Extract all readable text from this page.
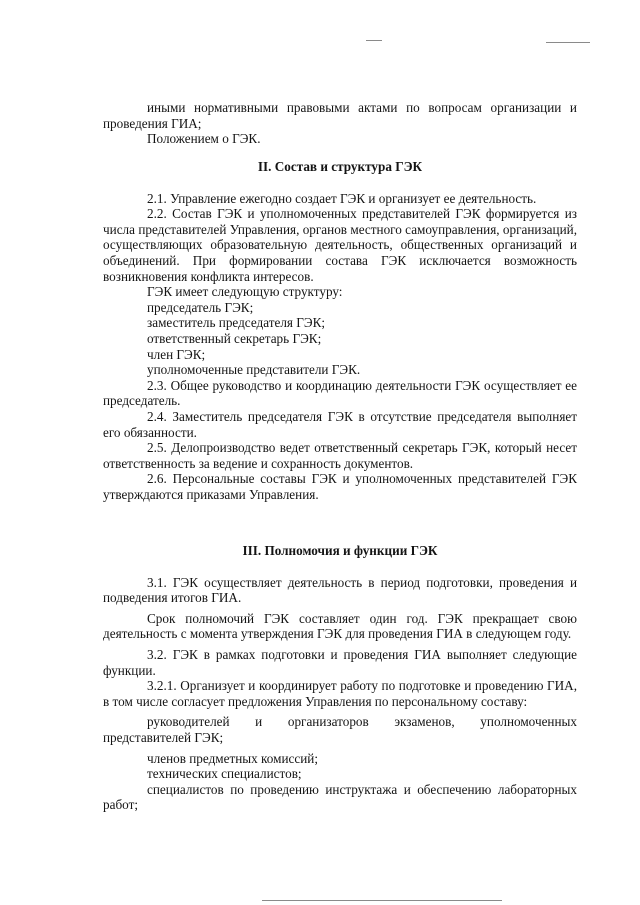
иными нормативными правовыми актами по вопросам организации и проведения ГИА;

Положением о ГЭК.

II. Состав и структура ГЭК

2.1. Управление ежегодно создает ГЭК и организует ее деятельность.

2.2. Состав ГЭК и уполномоченных представителей ГЭК формируется из числа представителей Управления, органов местного самоуправления, организаций, осуществляющих образовательную деятельность, общественных организаций и объединений. При формировании состава ГЭК исключается возможность возникновения конфликта интересов.

ГЭК имеет следующую структуру:

председатель ГЭК;
заместитель председателя ГЭК;
ответственный секретарь ГЭК;
член ГЭК;
уполномоченные представители ГЭК.

2.3. Общее руководство и координацию деятельности ГЭК осуществляет ее председатель.

2.4. Заместитель председателя ГЭК в отсутствие председателя выполняет его обязанности.

2.5. Делопроизводство ведет ответственный секретарь ГЭК, который несет ответственность за ведение и сохранность документов.

2.6. Персональные составы ГЭК и уполномоченных представителей ГЭК утверждаются приказами Управления.

III. Полномочия и функции ГЭК

3.1. ГЭК осуществляет деятельность в период подготовки, проведения и подведения итогов ГИА.

Срок полномочий ГЭК составляет один год. ГЭК прекращает свою деятельность с момента утверждения ГЭК для проведения ГИА в следующем году.

3.2. ГЭК в рамках подготовки и проведения ГИА выполняет следующие функции.

3.2.1. Организует и координирует работу по подготовке и проведению ГИА, в том числе согласует предложения Управления по персональному составу:

руководителей и организаторов экзаменов, уполномоченных представителей ГЭК;

членов предметных комиссий;

технических специалистов;

специалистов по проведению инструктажа и обеспечению лабораторных работ;
